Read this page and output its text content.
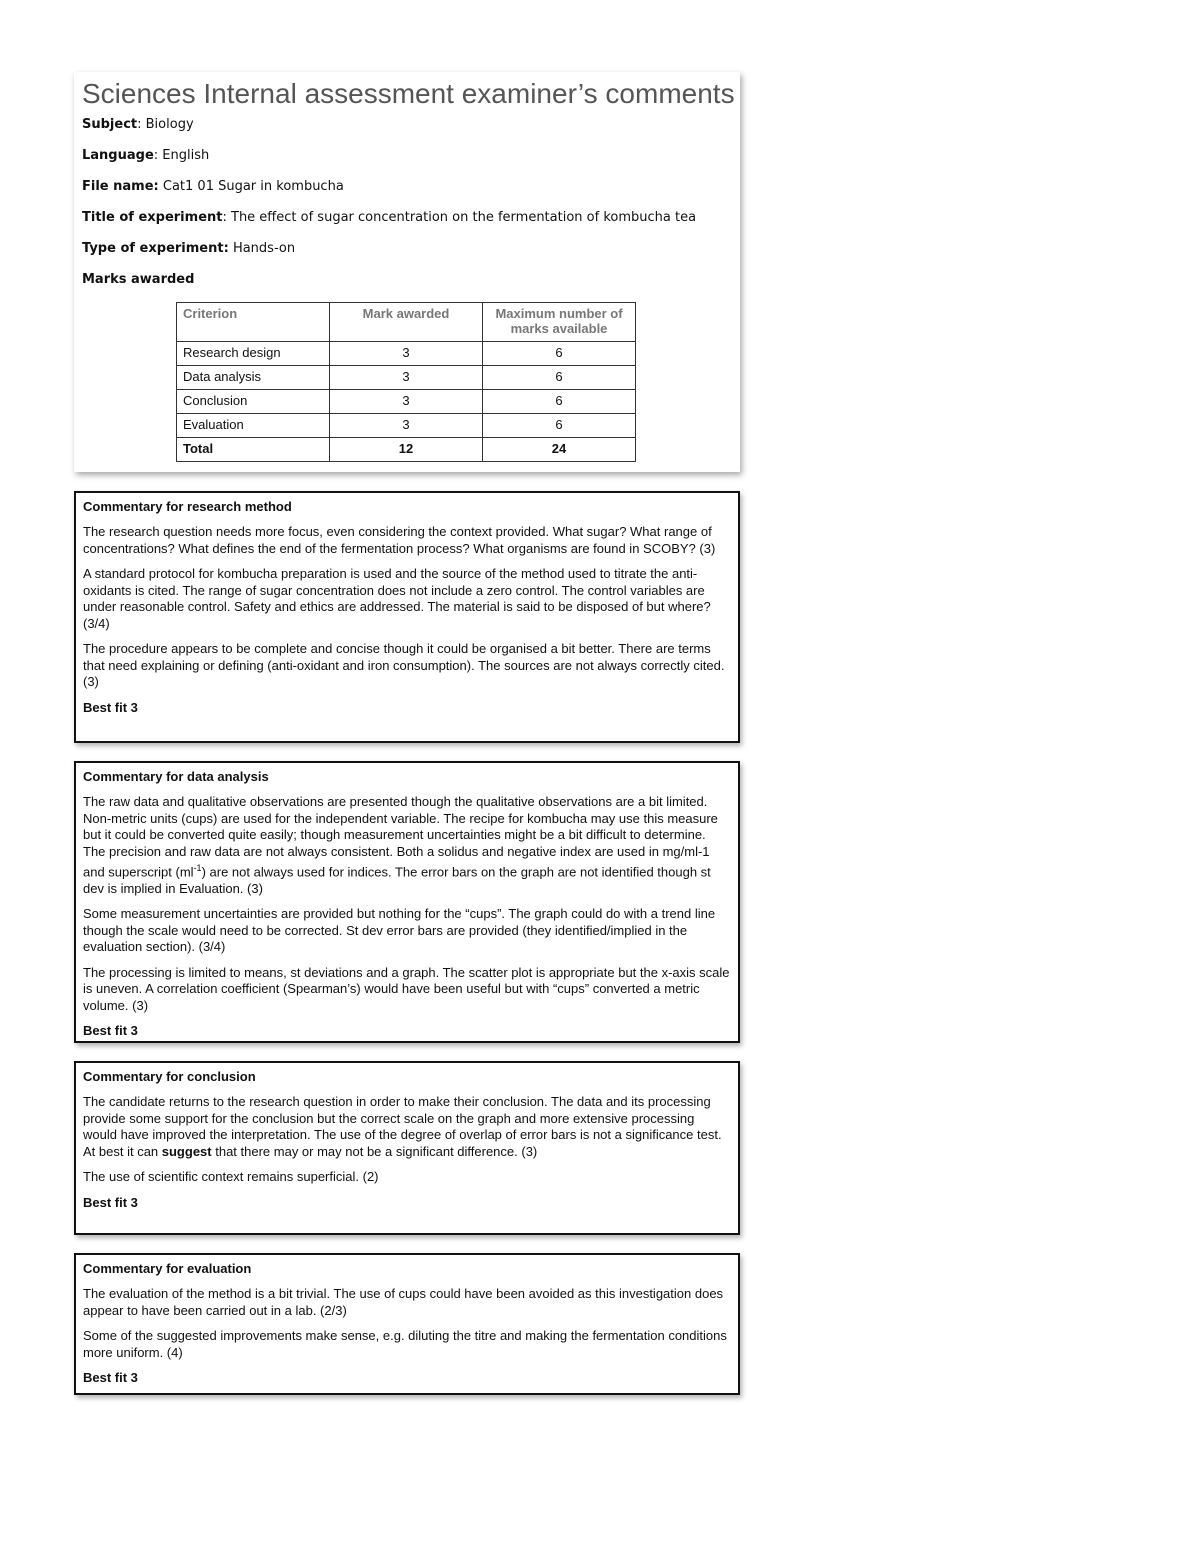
Sciences Internal assessment examiner’s comments

Subject: Biology

Language: English

File name: Cat1 01 Sugar in kombucha

Title of experiment: The effect of sugar concentration on the fermentation of kombucha tea

Type of experiment: Hands-on

Marks awarded

Criterion	Mark awarded	Maximum number of marks available
Research design	3	6
Data analysis	3	6
Conclusion	3	6
Evaluation	3	6
Total	12	24
Commentary for research method

The research question needs more focus, even considering the context provided. What sugar? What range of concentrations? What defines the end of the fermentation process? What organisms are found in SCOBY? (3)

A standard protocol for kombucha preparation is used and the source of the method used to titrate the anti-oxidants is cited. The range of sugar concentration does not include a zero control. The control variables are under reasonable control. Safety and ethics are addressed. The material is said to be disposed of but where? (3/4)

The procedure appears to be complete and concise though it could be organised a bit better. There are terms that need explaining or defining (anti-oxidant and iron consumption). The sources are not always correctly cited. (3)

Best fit 3

Commentary for data analysis

The raw data and qualitative observations are presented though the qualitative observations are a bit limited. Non-metric units (cups) are used for the independent variable. The recipe for kombucha may use this measure but it could be converted quite easily; though measurement uncertainties might be a bit difficult to determine. The precision and raw data are not always consistent. Both a solidus and negative index are used in mg/ml-1 and superscript $(ml^{-1})$ are not always used for indices. The error bars on the graph are not identified though st dev is implied in Evaluation. (3)

Some measurement uncertainties are provided but nothing for the “cups”. The graph could do with a trend line though the scale would need to be corrected. St dev error bars are provided (they identified/implied in the evaluation section). (3/4)

The processing is limited to means, st deviations and a graph. The scatter plot is appropriate but the x-axis scale is uneven. A correlation coefficient (Spearman’s) would have been useful but with “cups” converted a metric volume. (3)

Best fit 3

Commentary for conclusion

The candidate returns to the research question in order to make their conclusion. The data and its processing provide some support for the conclusion but the correct scale on the graph and more extensive processing would have improved the interpretation. The use of the degree of overlap of error bars is not a significance test. At best it can suggest that there may or may not be a significant difference. (3)

The use of scientific context remains superficial. (2)

Best fit 3

Commentary for evaluation

The evaluation of the method is a bit trivial. The use of cups could have been avoided as this investigation does appear to have been carried out in a lab. (2/3)

Some of the suggested improvements make sense, e.g. diluting the titre and making the fermentation conditions more uniform. (4)

Best fit 3
